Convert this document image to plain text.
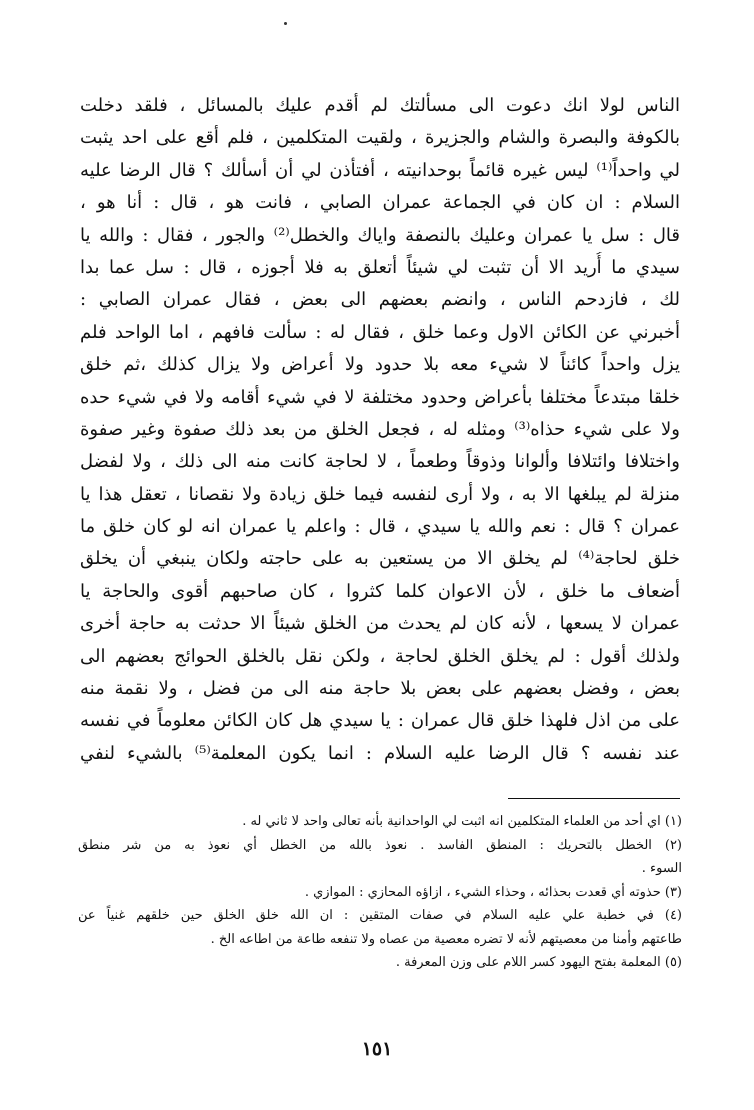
الناس لولا انك دعوت الى مسألتك لم أقدم عليك بالمسائل ، فلقد دخلت
بالكوفة والبصرة والشام والجزيرة ، ولقيت المتكلمين ، فلم أقع على احد يثبت
لي واحداً⁽¹⁾ ليس غيره قائماً بوحدانيته ، أفتأذن لي أن أسألك ؟ قال الرضا عليه
السلام : ان كان في الجماعة عمران الصابي ، فانت هو ، قال : أنا هو ،
قال : سل يا عمران وعليك بالنصفة واياك والخطل⁽²⁾ والجور ، فقال : والله يا
سيدي ما أُريد الا أن تثبت لي شيئاً أتعلق به فلا أجوزه ، قال : سل عما بدا
لك ، فازدحم الناس ، وانضم بعضهم الى بعض ، فقال عمران الصابي :
أخبرني عن الكائن الاول وعما خلق ، فقال له : سألت فافهم ، اما الواحد فلم
يزل واحداً كائناً لا شيء معه بلا حدود ولا أعراض ولا يزال كذلك ،ثم خلق
خلقا مبتدعاً مختلفا بأعراض وحدود مختلفة لا في شيء أقامه ولا في شيء حده
ولا على شيء حذاه⁽³⁾ ومثله له ، فجعل الخلق من بعد ذلك صفوة وغير صفوة
واختلافا وائتلافا وألوانا وذوقاً وطعماً ، لا لحاجة كانت منه الى ذلك ، ولا لفضل
منزلة لم يبلغها الا به ، ولا أرى لنفسه فيما خلق زيادة ولا نقصانا ، تعقل هذا يا
عمران ؟ قال : نعم والله يا سيدي ، قال : واعلم يا عمران انه لو كان خلق ما
خلق لحاجة⁽⁴⁾ لم يخلق الا من يستعين به على حاجته ولكان ينبغي أن يخلق
أضعاف ما خلق ، لأن الاعوان كلما كثروا ، كان صاحبهم أقوى والحاجة يا
عمران لا يسعها ، لأنه كان لم يحدث من الخلق شيئاً الا حدثت به حاجة أخرى
ولذلك أقول : لم يخلق الخلق لحاجة ، ولكن نقل بالخلق الحوائج بعضهم الى
بعض ، وفضل بعضهم على بعض بلا حاجة منه الى من فضل ، ولا نقمة منه
على من اذل فلهذا خلق قال عمران : يا سيدي هل كان الكائن معلوماً في نفسه
عند نفسه ؟ قال الرضا عليه السلام : انما يكون المعلمة⁽⁵⁾ بالشيء لنفي
(١) اي أحد من العلماء المتكلمين انه اثبت لي الواحدانية بأنه تعالى واحد لا ثاني له .
(٢) الخطل بالتحريك : المنطق الفاسد . نعوذ بالله من الخطل أي نعوذ به من شر منطق
السوء .
(٣) حذوته أي قعدت بحذائه ، وحذاء الشيء ، ازاؤه المحازي : الموازي .
(٤) في خطبة علي عليه السلام في صفات المتقين : ان الله خلق الخلق حين خلقهم غنياً عن
طاعتهم وأمنا من معصيتهم لأنه لا تضره معصية من عصاه ولا تنفعه طاعة من اطاعه الخ .
(٥) المعلمة بفتح اليهود كسر اللام على وزن المعرفة .
١٥١
